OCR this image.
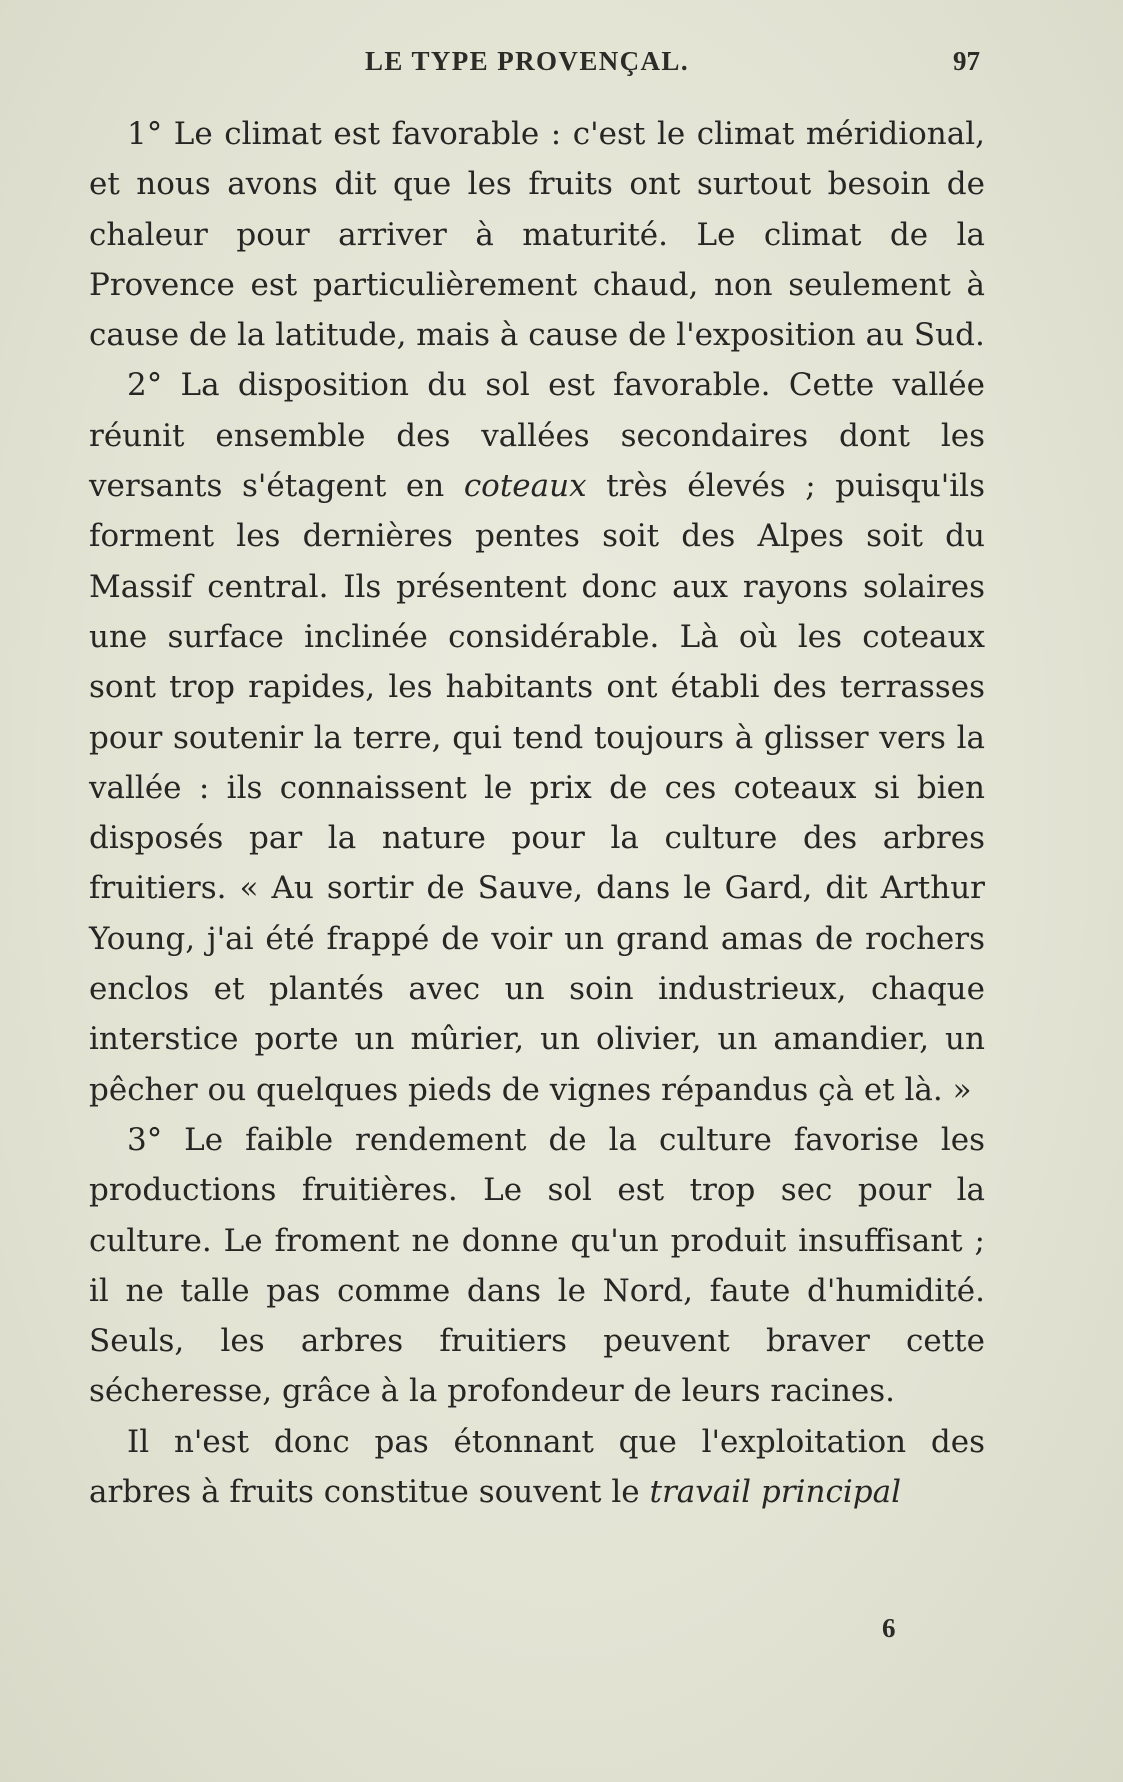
LE TYPE PROVENÇAL.	97

1° Le climat est favorable : c'est le climat méridional, et nous avons dit que les fruits ont surtout besoin de chaleur pour arriver à maturité. Le climat de la Provence est particulièrement chaud, non seulement à cause de la latitude, mais à cause de l'exposition au Sud.

2° La disposition du sol est favorable. Cette vallée réunit ensemble des vallées secondaires dont les versants s'étagent en coteaux très élevés ; puisqu'ils forment les dernières pentes soit des Alpes soit du Massif central. Ils présentent donc aux rayons solaires une surface inclinée considérable. Là où les coteaux sont trop rapides, les habitants ont établi des terrasses pour soutenir la terre, qui tend toujours à glisser vers la vallée : ils connaissent le prix de ces coteaux si bien disposés par la nature pour la culture des arbres fruitiers. « Au sortir de Sauve, dans le Gard, dit Arthur Young, j'ai été frappé de voir un grand amas de rochers enclos et plantés avec un soin industrieux, chaque interstice porte un mûrier, un olivier, un amandier, un pêcher ou quelques pieds de vignes répandus çà et là. »

3° Le faible rendement de la culture favorise les productions fruitières. Le sol est trop sec pour la culture. Le froment ne donne qu'un produit insuffisant ; il ne talle pas comme dans le Nord, faute d'humidité. Seuls, les arbres fruitiers peuvent braver cette sécheresse, grâce à la profondeur de leurs racines.

Il n'est donc pas étonnant que l'exploitation des arbres à fruits constitue souvent le travail principal

6
